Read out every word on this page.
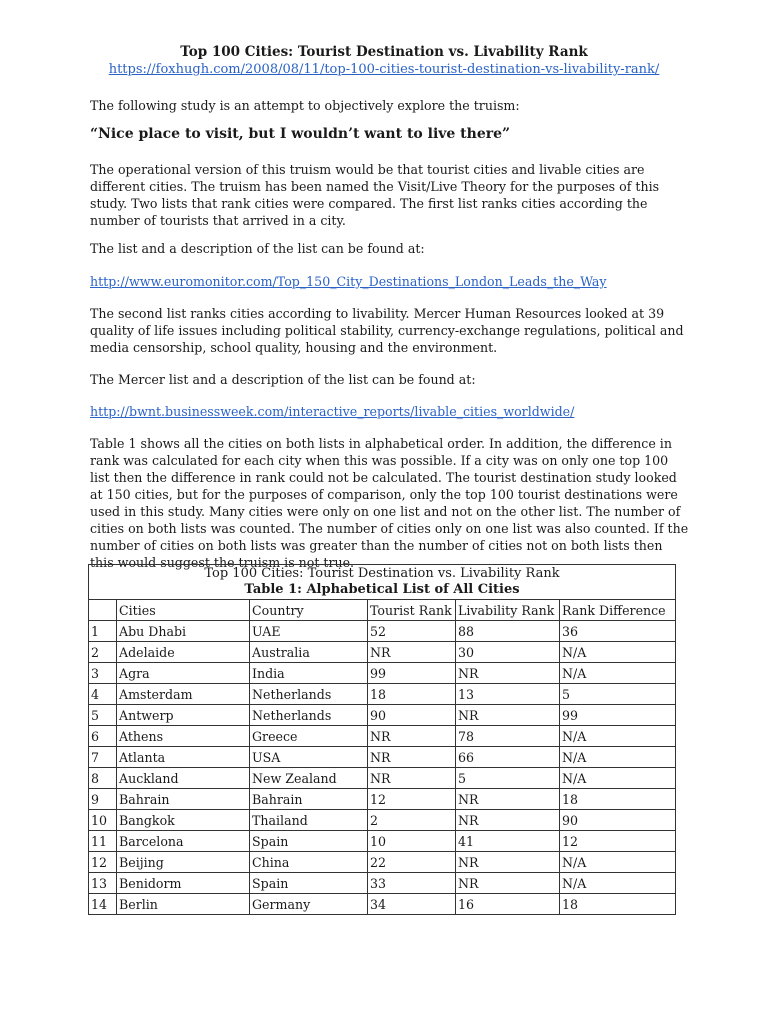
Top 100 Cities: Tourist Destination vs. Livability Rank
https://foxhugh.com/2008/08/11/top-100-cities-tourist-destination-vs-livability-rank/

The following study is an attempt to objectively explore the truism:

“Nice place to visit, but I wouldn’t want to live there”

The operational version of this truism would be that tourist cities and livable cities are different cities. The truism has been named the Visit/Live Theory for the purposes of this study. Two lists that rank cities were compared. The first list ranks cities according the number of tourists that arrived in a city.

The list and a description of the list can be found at:

http://www.euromonitor.com/Top_150_City_Destinations_London_Leads_the_Way

The second list ranks cities according to livability. Mercer Human Resources looked at 39 quality of life issues including political stability, currency-exchange regulations, political and media censorship, school quality, housing and the environment.

The Mercer list and a description of the list can be found at:

http://bwnt.businessweek.com/interactive_reports/livable_cities_worldwide/

Table 1 shows all the cities on both lists in alphabetical order. In addition, the difference in rank was calculated for each city when this was possible. If a city was on only one top 100 list then the difference in rank could not be calculated. The tourist destination study looked at 150 cities, but for the purposes of comparison, only the top 100 tourist destinations were used in this study. Many cities were only on one list and not on the other list. The number of cities on both lists was counted. The number of cities only on one list was also counted. If the number of cities on both lists was greater than the number of cities not on both lists then this would suggest the truism is not true.

Top 100 Cities: Tourist Destination vs. Livability Rank
Table 1: Alphabetical List of All Cities					

	Cities	Country	Tourist Rank	Livability Rank	Rank Difference
1	Abu Dhabi	UAE	52	88	36
2	Adelaide	Australia	NR	30	N/A
3	Agra	India	99	NR	N/A
4	Amsterdam	Netherlands	18	13	5
5	Antwerp	Netherlands	90	NR	99
6	Athens	Greece	NR	78	N/A
7	Atlanta	USA	NR	66	N/A
8	Auckland	New Zealand	NR	5	N/A
9	Bahrain	Bahrain	12	NR	18
10	Bangkok	Thailand	2	NR	90
11	Barcelona	Spain	10	41	12
12	Beijing	China	22	NR	N/A
13	Benidorm	Spain	33	NR	N/A
14	Berlin	Germany	34	16	18
